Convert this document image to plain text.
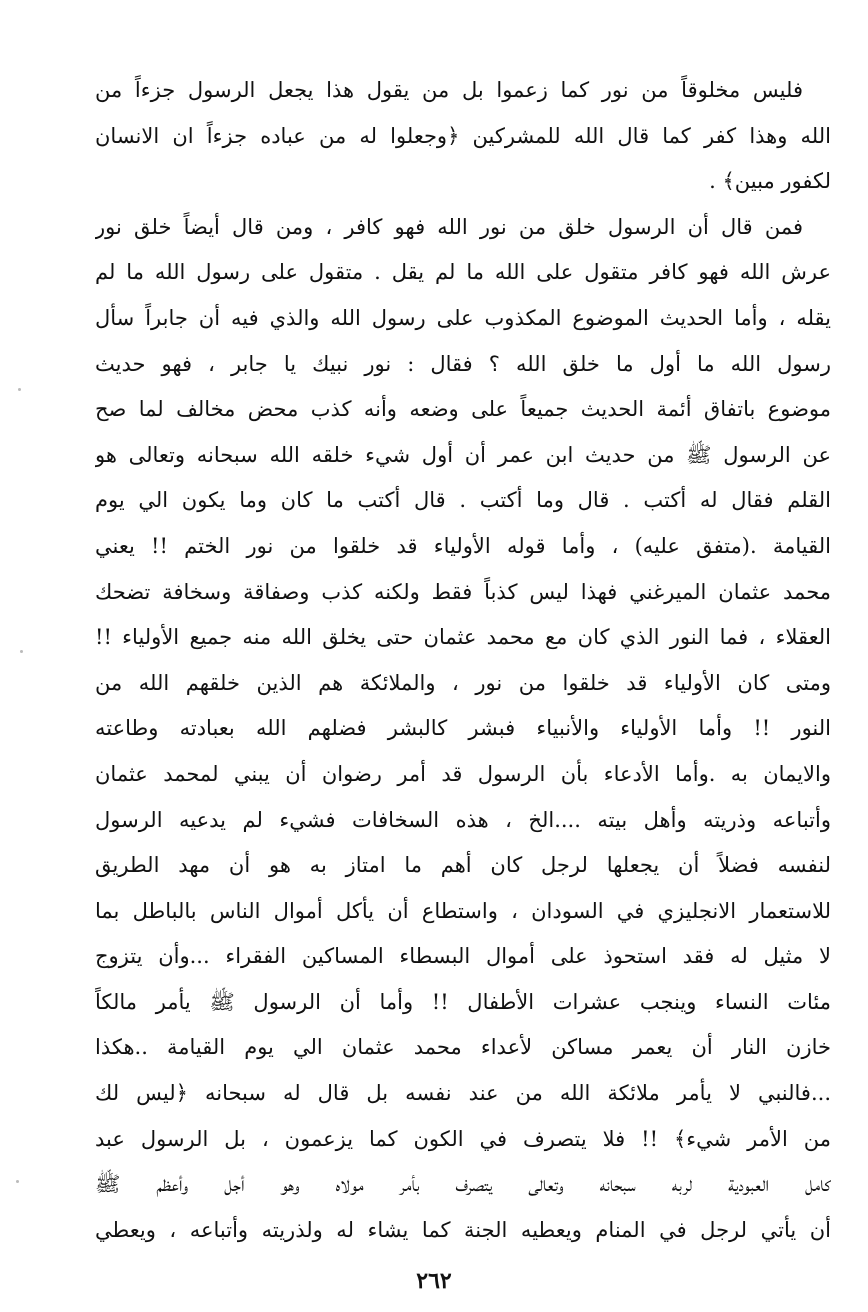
فليس مخلوقاً من نور كما زعموا بل من يقول هذا يجعل الرسول جزءاً من
الله وهذا كفر كما قال الله للمشركين ﴿وجعلوا له من عباده جزءاً ان الانسان
لكفور مبين﴾ .
فمن قال أن الرسول خلق من نور الله فهو كافر ، ومن قال أيضاً خلق نور
عرش الله فهو كافر متقول على الله ما لم يقل . متقول على رسول الله ما لم
يقله ، وأما الحديث الموضوع المكذوب على رسول الله والذي فيه أن جابراً سأل
رسول الله ما أول ما خلق الله ؟ فقال : نور نبيك يا جابر ، فهو حديث
موضوع باتفاق أئمة الحديث جميعاً على وضعه وأنه كذب محض مخالف لما صح
عن الرسول ﷺ من حديث ابن عمر أن أول شيء خلقه الله سبحانه وتعالى هو
القلم فقال له أكتب . قال وما أكتب . قال أكتب ما كان وما يكون الي يوم
القيامة .(متفق عليه) ، وأما قوله الأولياء قد خلقوا من نور الختم !! يعني
محمد عثمان الميرغني فهذا ليس كذباً فقط ولكنه كذب وصفاقة وسخافة تضحك
العقلاء ، فما النور الذي كان مع محمد عثمان حتى يخلق الله منه جميع الأولياء !!
ومتى كان الأولياء قد خلقوا من نور ، والملائكة هم الذين خلقهم الله من
النور !! وأما الأولياء والأنبياء فبشر كالبشر فضلهم الله بعبادته وطاعته
والايمان به .وأما الأدعاء بأن الرسول قد أمر رضوان أن يبني لمحمد عثمان
وأتباعه وذريته وأهل بيته ....الخ ، هذه السخافات فشيء لم يدعيه الرسول
لنفسه فضلاً أن يجعلها لرجل كان أهم ما امتاز به هو أن مهد الطريق
للاستعمار الانجليزي في السودان ، واستطاع أن يأكل أموال الناس بالباطل بما
لا مثيل له فقد استحوذ على أموال البسطاء المساكين الفقراء ...وأن يتزوج
مئات النساء وينجب عشرات الأطفال !! وأما أن الرسول ﷺ يأمر مالكاً
خازن النار أن يعمر مساكن لأعداء محمد عثمان الي يوم القيامة ..هكذا
...فالنبي لا يأمر ملائكة الله من عند نفسه بل قال له سبحانه ﴿ليس لك
من الأمر شيء﴾ !! فلا يتصرف في الكون كما يزعمون ، بل الرسول عبد
كامل العبودية لربه سبحانه وتعالى يتصرف بأمر مولاه وهو أجل وأعظم ﷺ
أن يأتي لرجل في المنام ويعطيه الجنة كما يشاء له ولذريته وأتباعه ، ويعطي
٢٦٢
